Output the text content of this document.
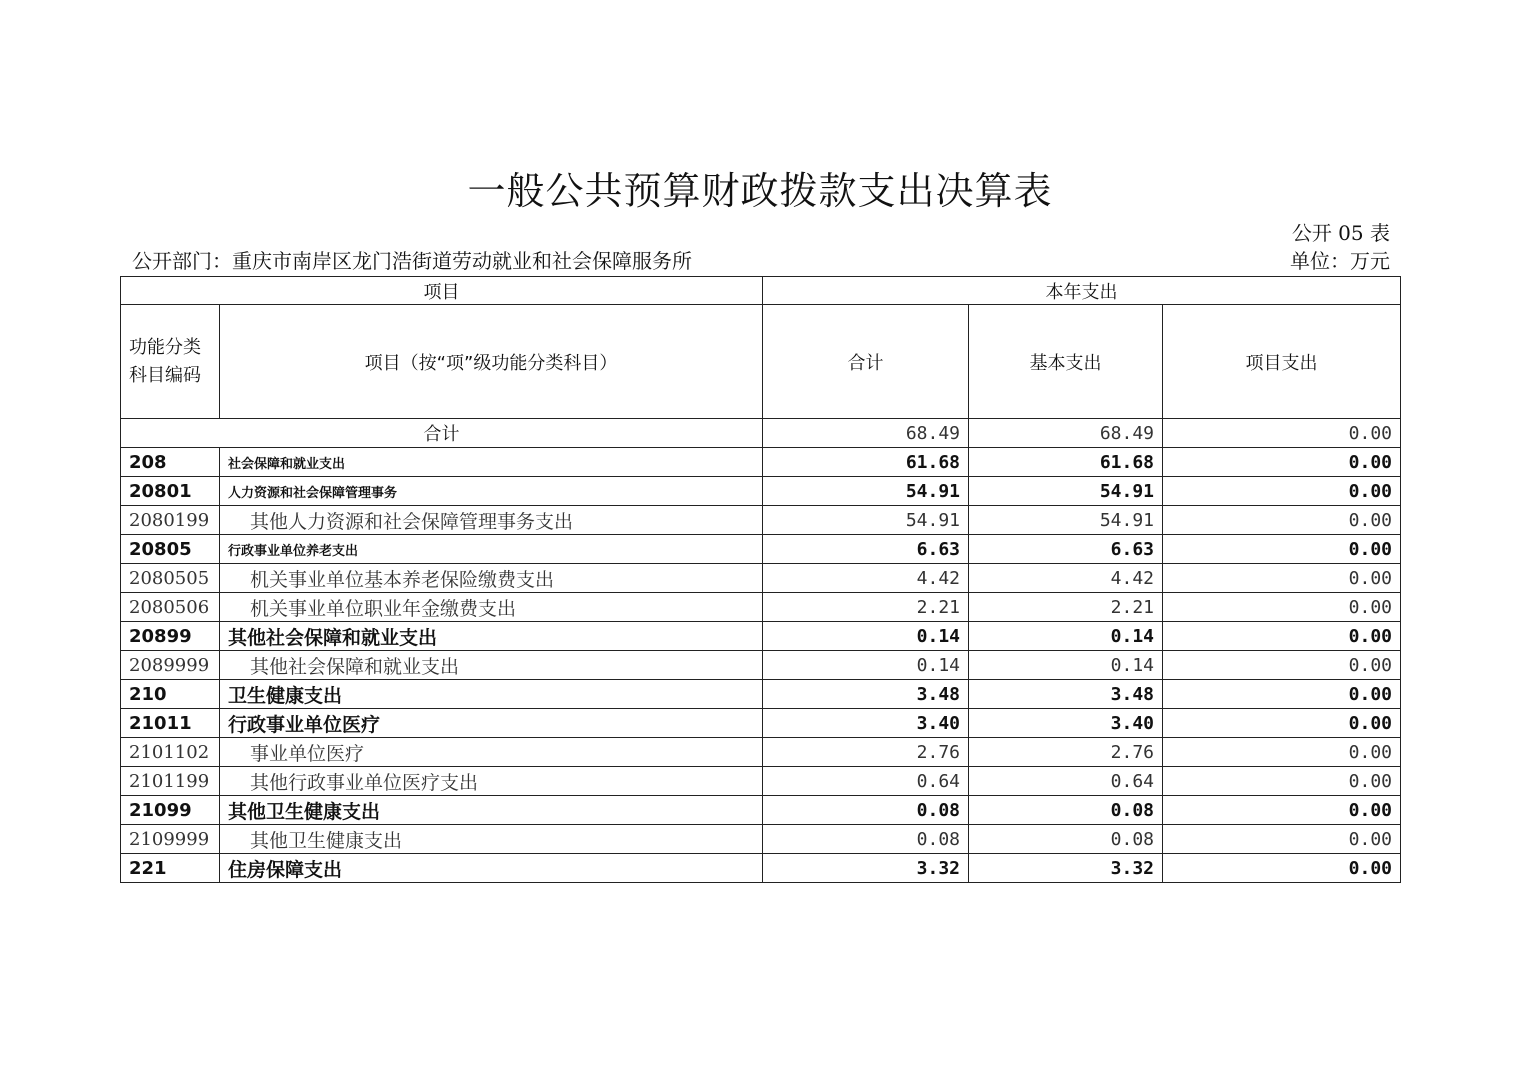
一般公共预算财政拨款支出决算表
公开 05 表
公开部门：重庆市南岸区龙门浩街道劳动就业和社会保障服务所	单位：万元
项目		本年支出		
功能分类科目编码	项目（按“项”级功能分类科目）	合计	基本支出	项目支出
合计		68.49	68.49	0.00
208	社会保障和就业支出	61.68	61.68	0.00
20801	人力资源和社会保障管理事务	54.91	54.91	0.00
2080199	其他人力资源和社会保障管理事务支出	54.91	54.91	0.00
20805	行政事业单位养老支出	6.63	6.63	0.00
2080505	机关事业单位基本养老保险缴费支出	4.42	4.42	0.00
2080506	机关事业单位职业年金缴费支出	2.21	2.21	0.00
20899	其他社会保障和就业支出	0.14	0.14	0.00
2089999	其他社会保障和就业支出	0.14	0.14	0.00
210	卫生健康支出	3.48	3.48	0.00
21011	行政事业单位医疗	3.40	3.40	0.00
2101102	事业单位医疗	2.76	2.76	0.00
2101199	其他行政事业单位医疗支出	0.64	0.64	0.00
21099	其他卫生健康支出	0.08	0.08	0.00
2109999	其他卫生健康支出	0.08	0.08	0.00
221	住房保障支出	3.32	3.32	0.00
